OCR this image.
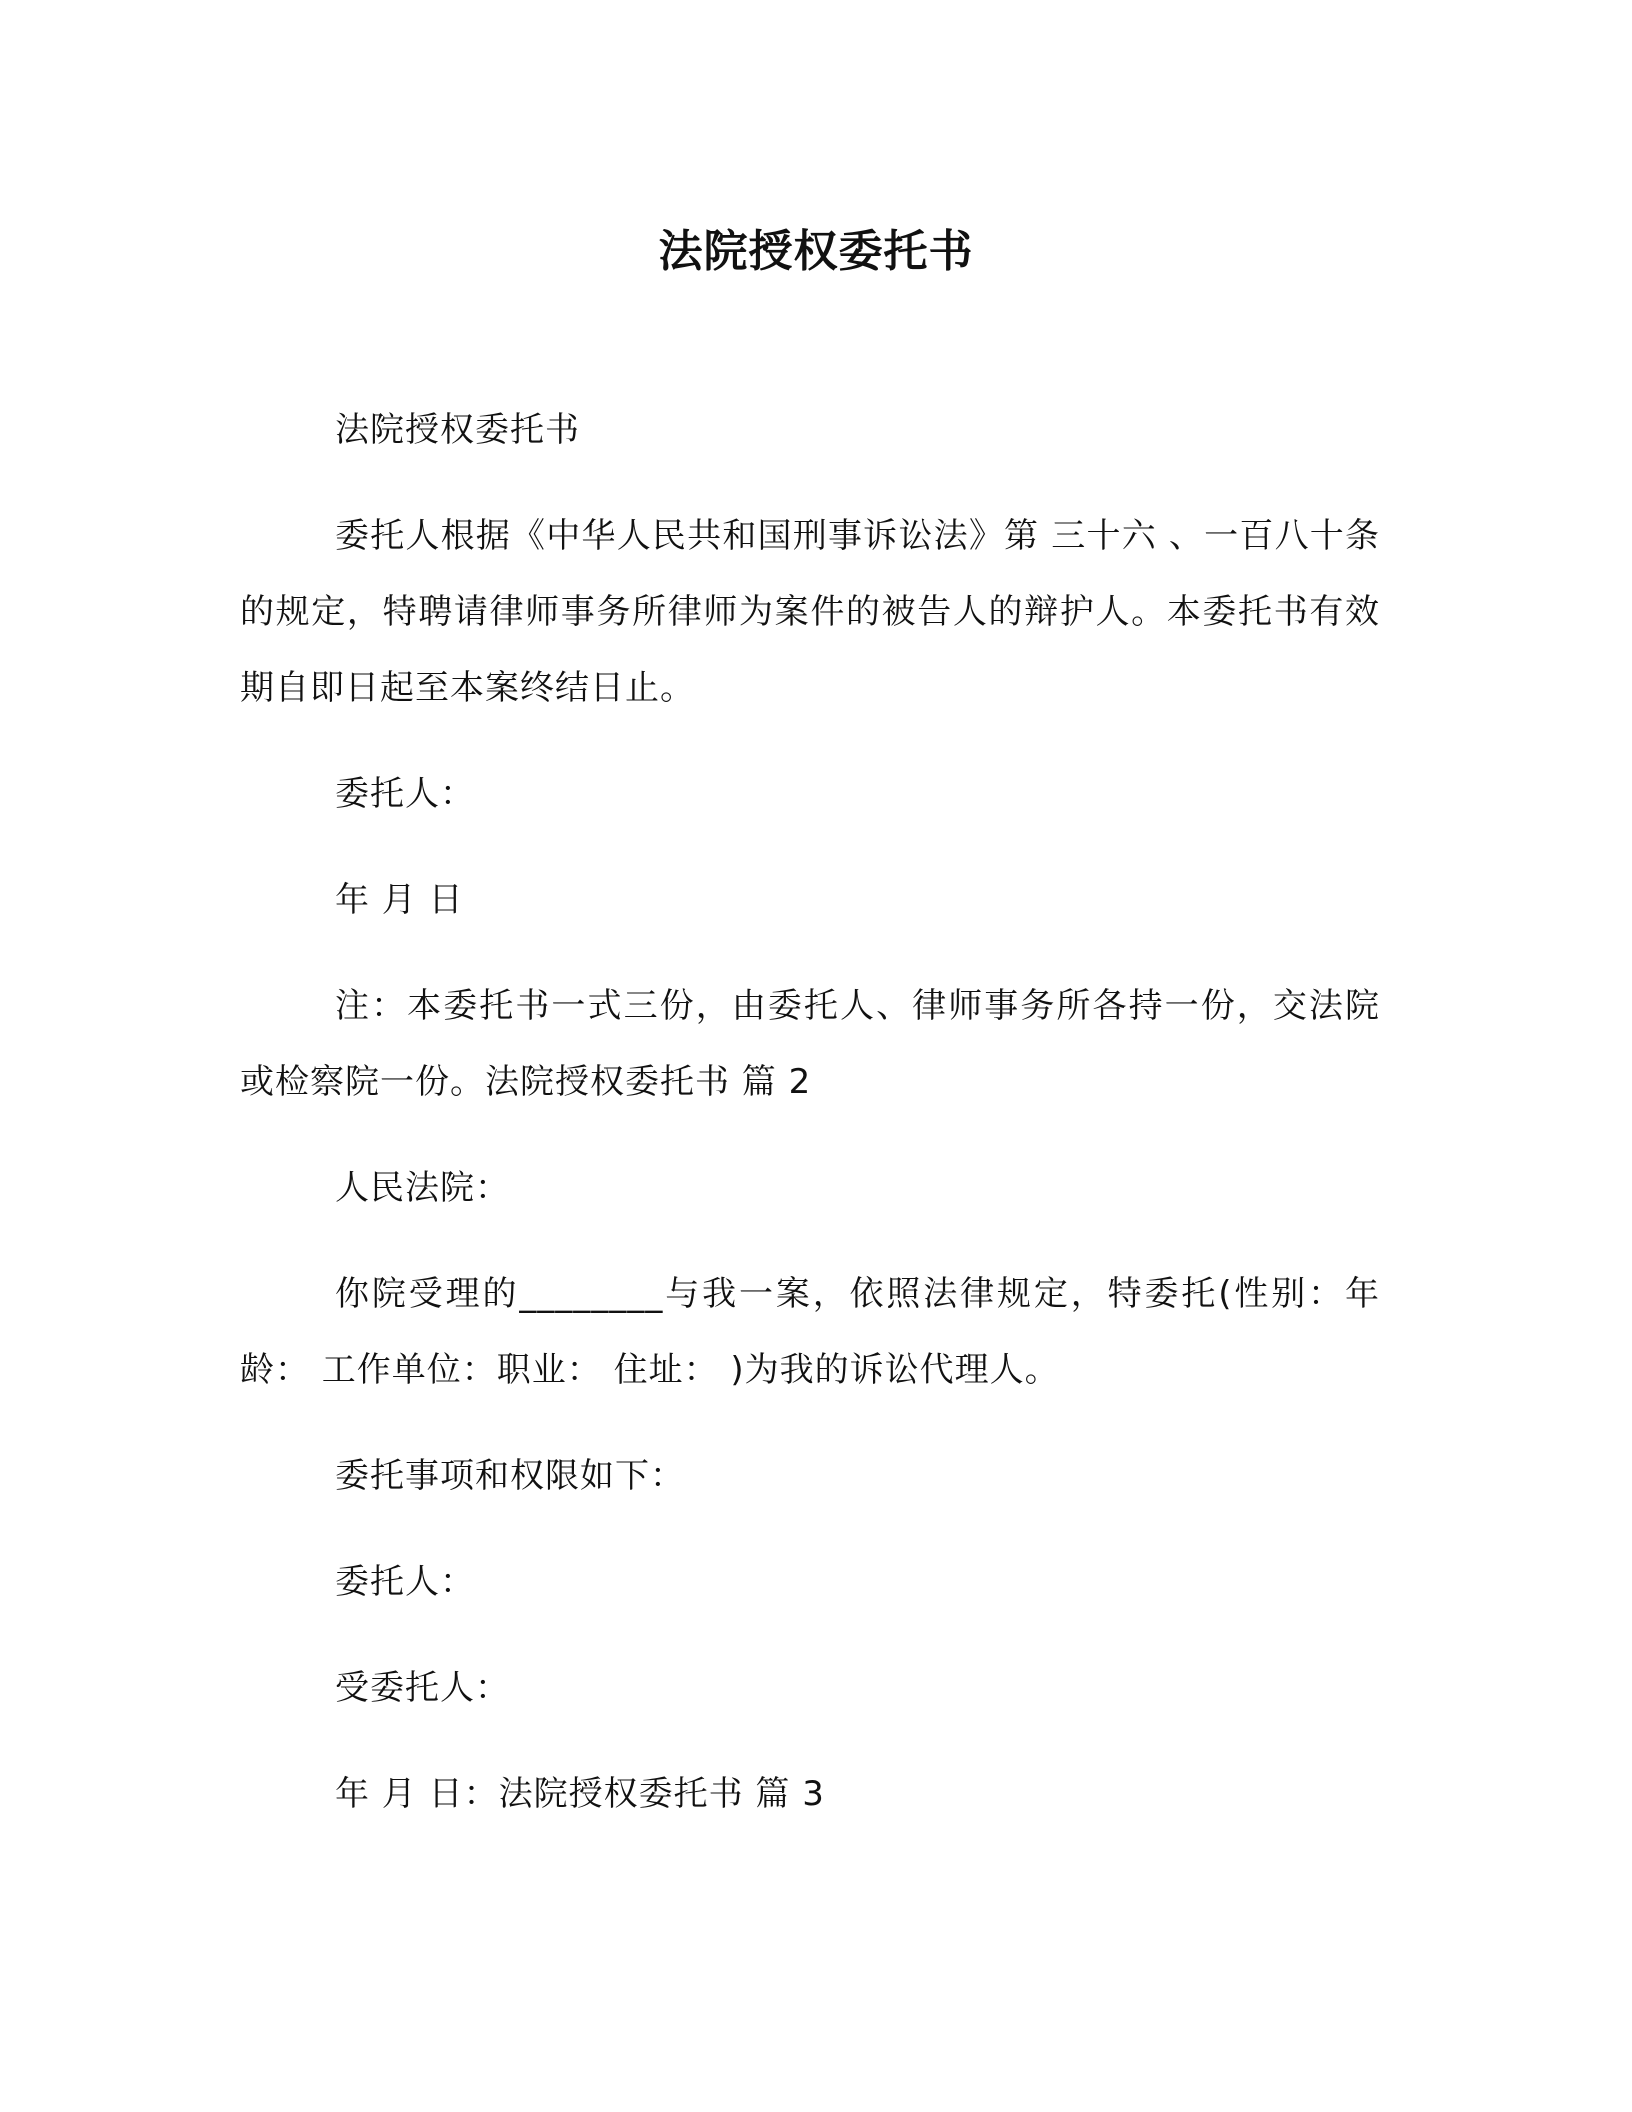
法院授权委托书

法院授权委托书

委托人根据《中华人民共和国刑事诉讼法》第 三十六 、一百八十条的规定，特聘请律师事务所律师为案件的被告人的辩护人。本委托书有效期自即日起至本案终结日止。

委托人：

年 月 日

注：本委托书一式三份，由委托人、律师事务所各持一份，交法院或检察院一份。法院授权委托书 篇 2

人民法院：

你院受理的________与我一案，依照法律规定，特委托(性别：年龄： 工作单位：职业： 住址： )为我的诉讼代理人。

委托事项和权限如下：

委托人：

受委托人：

年 月 日：法院授权委托书 篇 3
